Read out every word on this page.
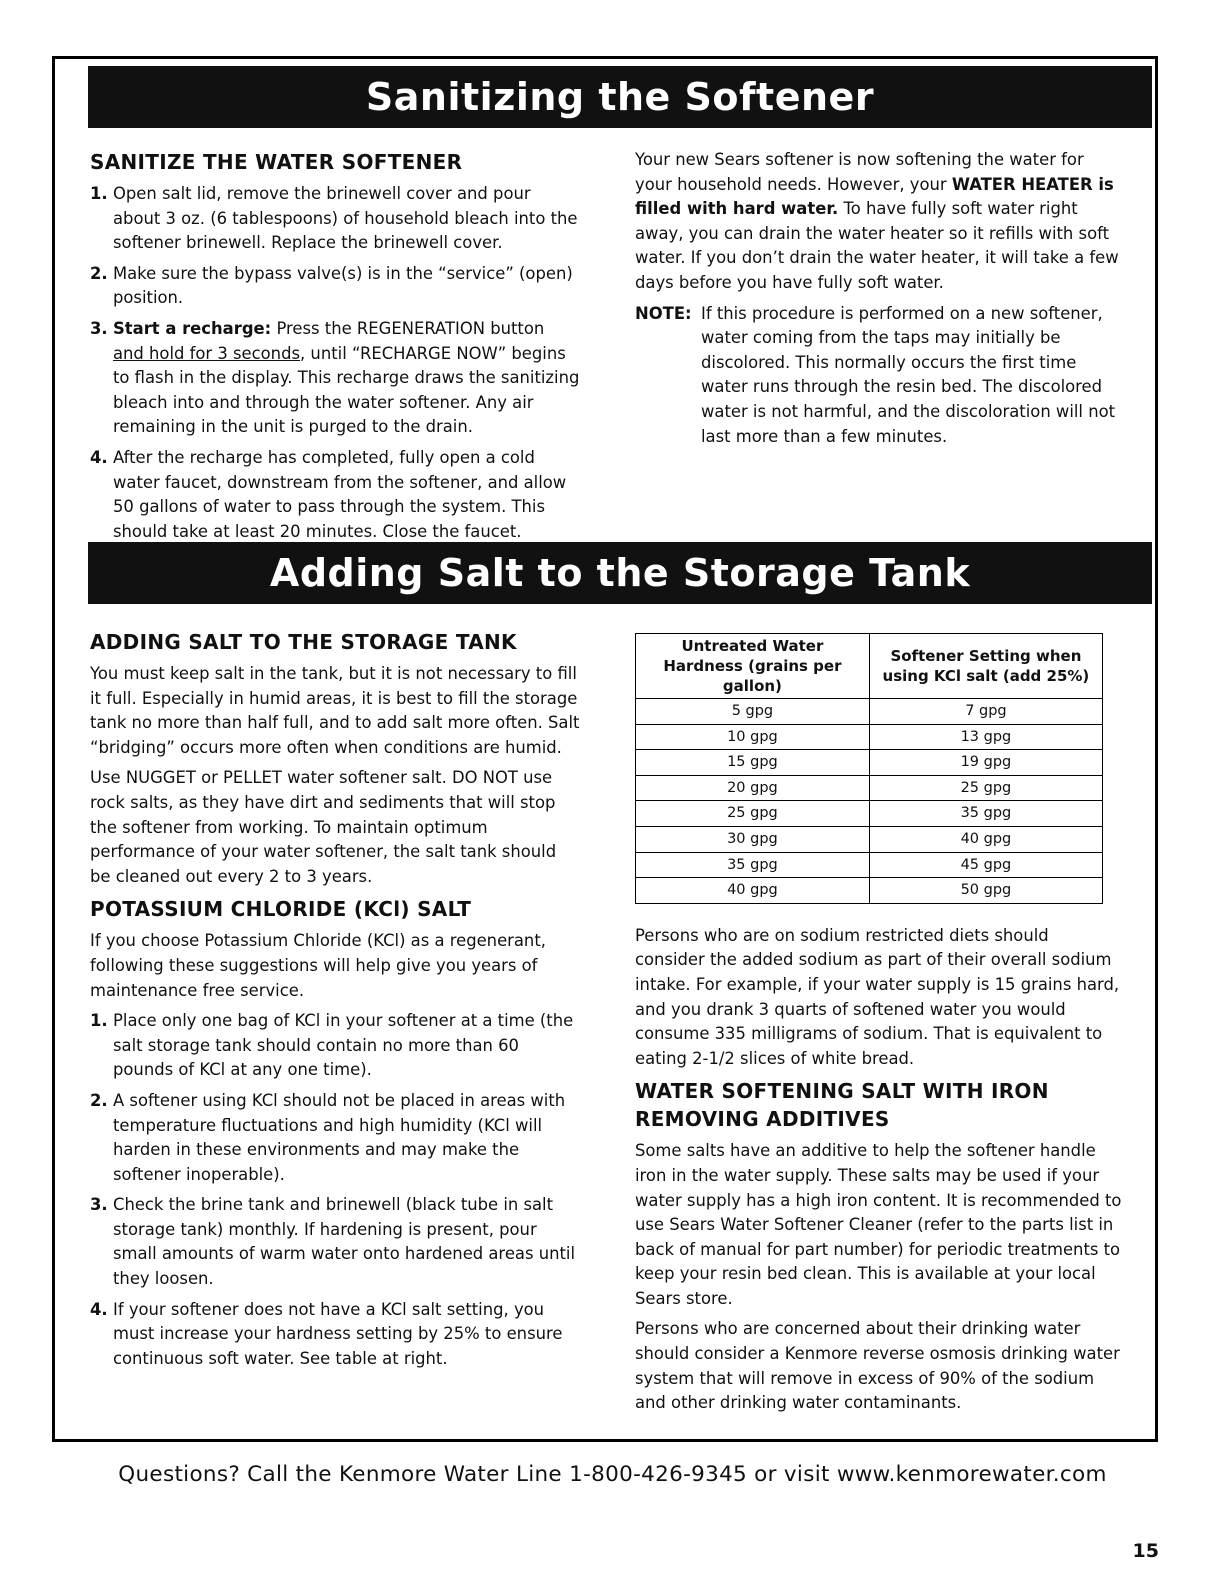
Sanitizing the Softener
SANITIZE THE WATER SOFTENER
1. Open salt lid, remove the brinewell cover and pour about 3 oz. (6 tablespoons) of household bleach into the softener brinewell. Replace the brinewell cover.
2. Make sure the bypass valve(s) is in the “service” (open) position.
3. Start a recharge: Press the REGENERATION button and hold for 3 seconds, until “RECHARGE NOW” begins to flash in the display. This recharge draws the sanitizing bleach into and through the water softener. Any air remaining in the unit is purged to the drain.
4. After the recharge has completed, fully open a cold water faucet, downstream from the softener, and allow 50 gallons of water to pass through the system. This should take at least 20 minutes. Close the faucet.

Your new Sears softener is now softening the water for your household needs. However, your WATER HEATER is filled with hard water. To have fully soft water right away, you can drain the water heater so it refills with soft water. If you don’t drain the water heater, it will take a few days before you have fully soft water.

NOTE: If this procedure is performed on a new softener, water coming from the taps may initially be discolored. This normally occurs the first time water runs through the resin bed. The discolored water is not harmful, and the discoloration will not last more than a few minutes.
Adding Salt to the Storage Tank
ADDING SALT TO THE STORAGE TANK

You must keep salt in the tank, but it is not necessary to fill it full. Especially in humid areas, it is best to fill the storage tank no more than half full, and to add salt more often. Salt “bridging” occurs more often when conditions are humid.

Use NUGGET or PELLET water softener salt. DO NOT use rock salts, as they have dirt and sediments that will stop the softener from working. To maintain optimum performance of your water softener, the salt tank should be cleaned out every 2 to 3 years.

POTASSIUM CHLORIDE (KCl) SALT

If you choose Potassium Chloride (KCl) as a regenerant, following these suggestions will help give you years of maintenance free service.

1. Place only one bag of KCl in your softener at a time (the salt storage tank should contain no more than 60 pounds of KCl at any one time).
2. A softener using KCl should not be placed in areas with temperature fluctuations and high humidity (KCl will harden in these environments and may make the softener inoperable).
3. Check the brine tank and brinewell (black tube in salt storage tank) monthly. If hardening is present, pour small amounts of warm water onto hardened areas until they loosen.
4. If your softener does not have a KCl salt setting, you must increase your hardness setting by 25% to ensure continuous soft water. See table at right.
Untreated Water Hardness (grains per gallon)	Softener Setting when using KCl salt (add 25%)
5 gpg	7 gpg
10 gpg	13 gpg
15 gpg	19 gpg
20 gpg	25 gpg
25 gpg	35 gpg
30 gpg	40 gpg
35 gpg	45 gpg
40 gpg	50 gpg

Persons who are on sodium restricted diets should consider the added sodium as part of their overall sodium intake. For example, if your water supply is 15 grains hard, and you drank 3 quarts of softened water you would consume 335 milligrams of sodium. That is equivalent to eating 2-1/2 slices of white bread.

WATER SOFTENING SALT WITH IRON REMOVING ADDITIVES

Some salts have an additive to help the softener handle iron in the water supply. These salts may be used if your water supply has a high iron content. It is recommended to use Sears Water Softener Cleaner (refer to the parts list in back of manual for part number) for periodic treatments to keep your resin bed clean. This is available at your local Sears store.

Persons who are concerned about their drinking water should consider a Kenmore reverse osmosis drinking water system that will remove in excess of 90% of the sodium and other drinking water contaminants.

Questions? Call the Kenmore Water Line 1-800-426-9345 or visit www.kenmorewater.com
15
